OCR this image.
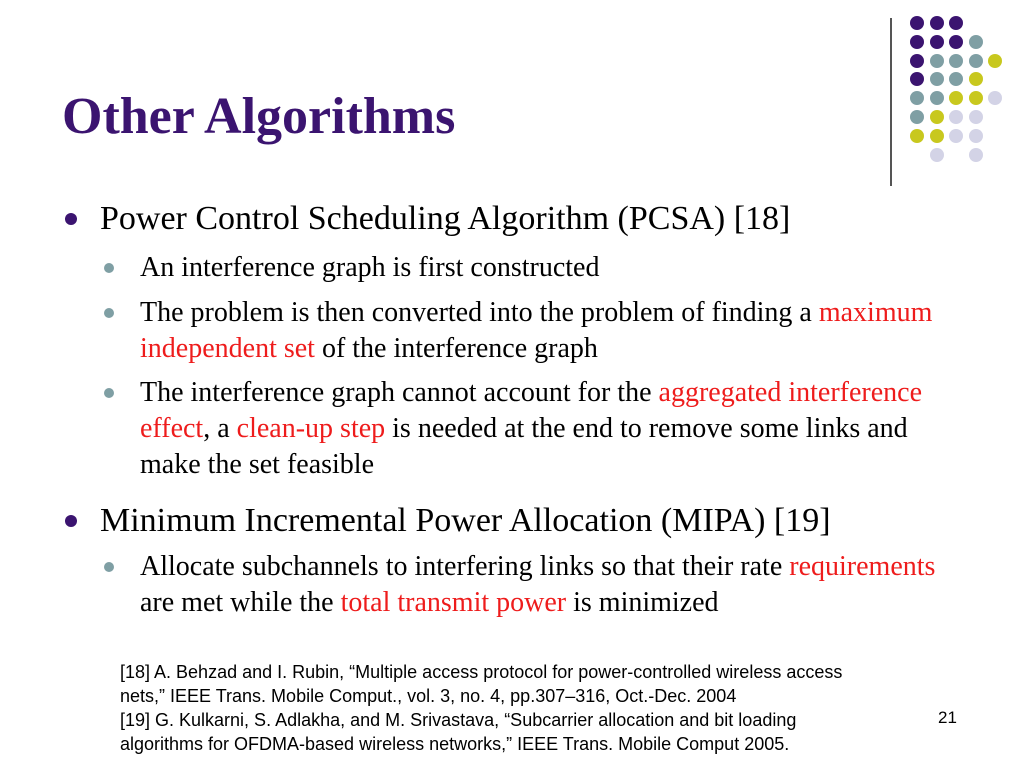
Other Algorithms
Power Control Scheduling Algorithm (PCSA) [18]
An interference graph is first constructed
The problem is then converted into the problem of finding a maximum independent set of the interference graph
The interference graph cannot account for the aggregated interference effect, a clean-up step is needed at the end to remove some links and make the set feasible
Minimum Incremental Power Allocation (MIPA) [19]
Allocate subchannels to interfering links so that their rate requirements are met while the total transmit power is minimized
[18] A. Behzad and I. Rubin, “Multiple access protocol for power-controlled wireless access
nets,” IEEE Trans. Mobile Comput., vol. 3, no. 4, pp.307–316, Oct.-Dec. 2004
[19] G. Kulkarni, S. Adlakha, and M. Srivastava, “Subcarrier allocation and bit loading
algorithms for OFDMA-based wireless networks,” IEEE Trans. Mobile Comput 2005.
21
